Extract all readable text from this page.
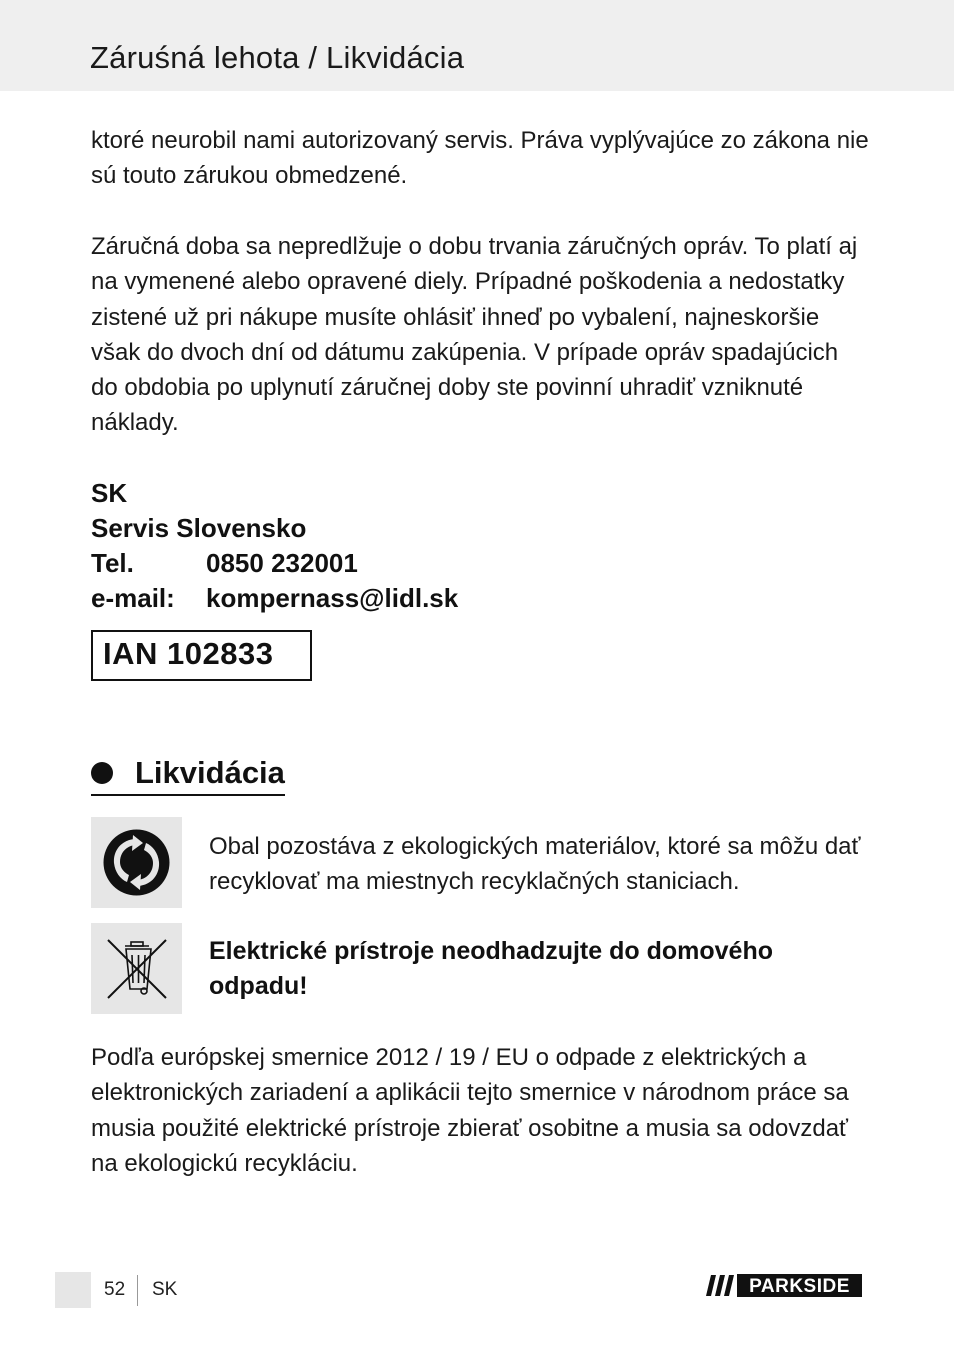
Záruśná lehota / Likvidácia
ktoré neurobil nami autorizovaný servis. Práva vyplývajúce zo zákona nie sú touto zárukou obmedzené.
Záručná doba sa nepredlžuje o dobu trvania záručných opráv. To platí aj na vymenené alebo opravené diely. Prípadné poškodenia a nedostatky zistené už pri nákupe musíte ohlásiť ihneď po vybalení, najneskoršie však do dvoch dní od dátumu zakúpenia. V prípade opráv spadajúcich do obdobia po uplynutí záručnej doby ste povinní uhradiť vzniknuté náklady.
SK
Servis Slovensko
Tel.	0850 232001
e-mail:	kompernass@lidl.sk
IAN 102833
Likvidácia
Obal pozostáva z ekologických materiálov, ktoré sa môžu dať recyklovať ma miestnych recyklačných staniciach.
Elektrické prístroje neodhadzujte do domového odpadu!
Podľa európskej smernice 2012 / 19 / EU o odpade z elektrických a elektronických zariadení a aplikácii tejto smernice v národnom práce sa musia použité elektrické prístroje zbierať osobitne a musia sa odovzdať na ekologickú recykláciu.
52 SK	PARKSIDE
